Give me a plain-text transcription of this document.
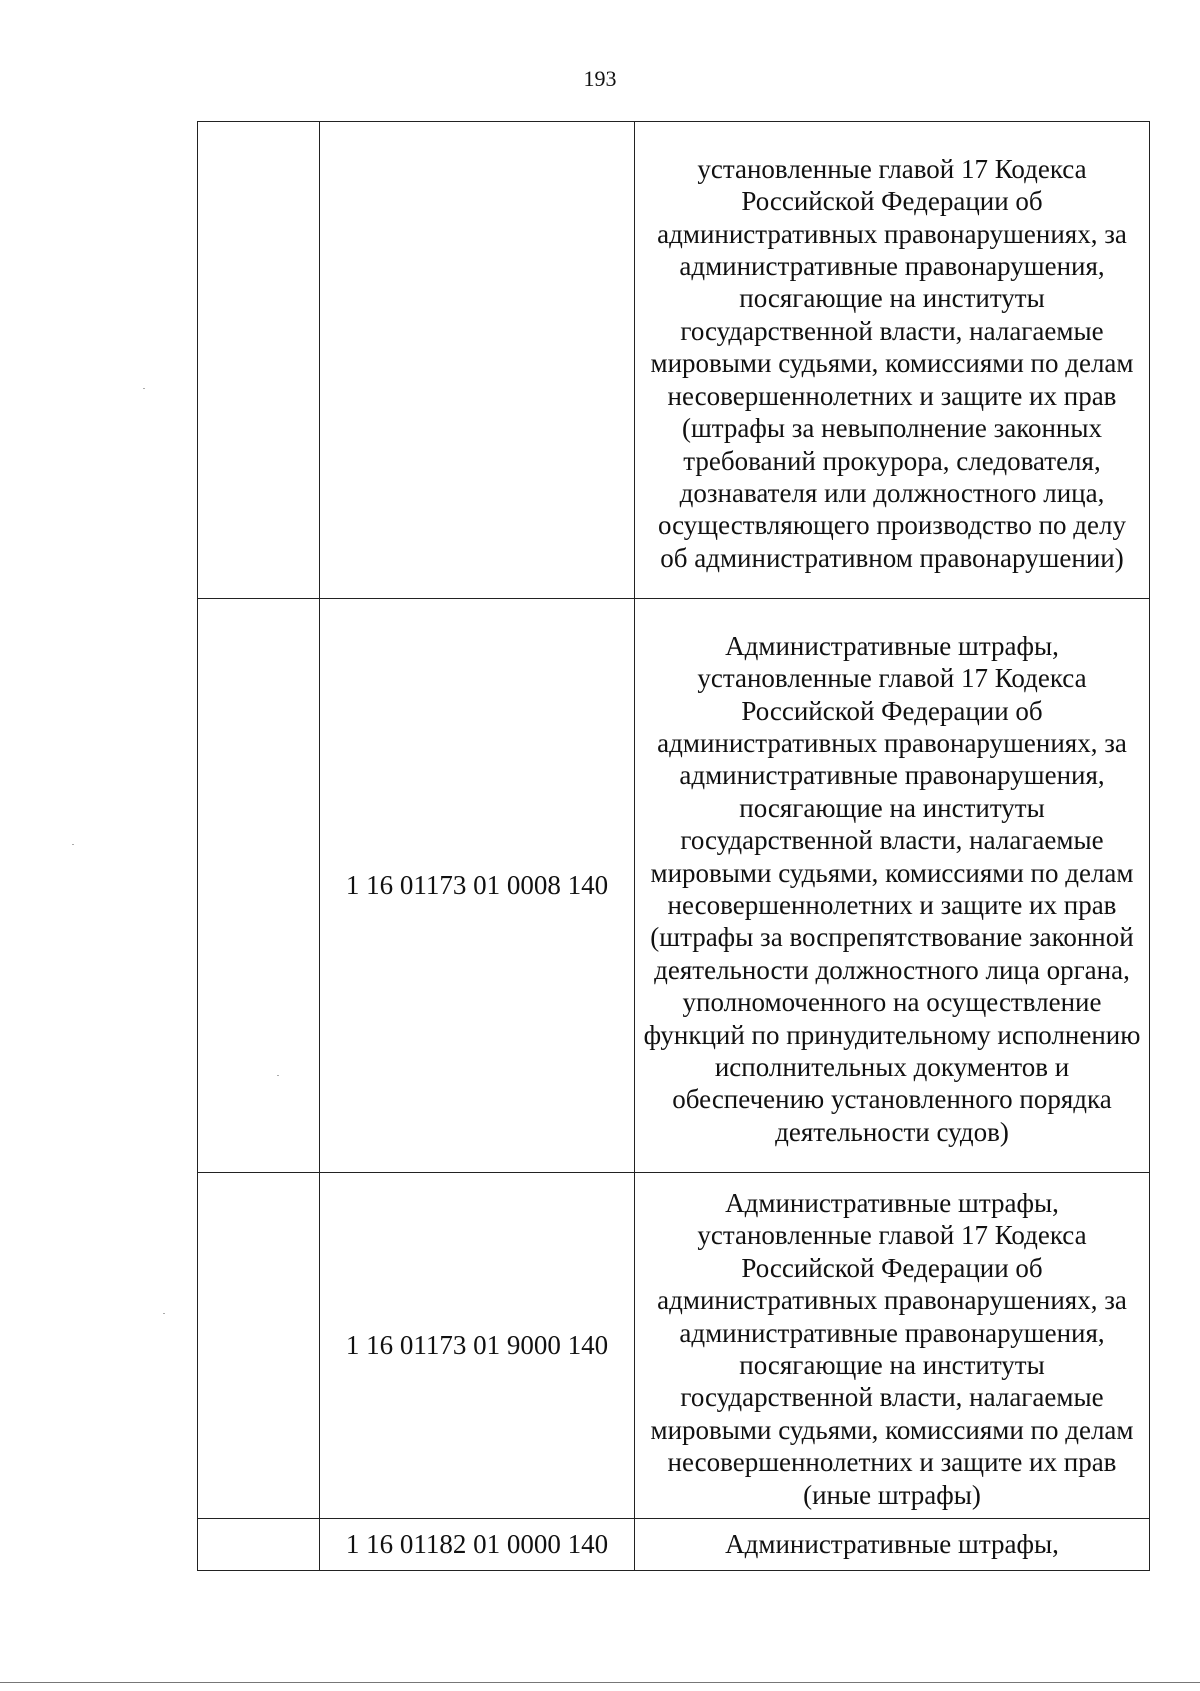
193

		установленные главой 17 Кодекса Российской Федерации об административных правонарушениях, за административные правонарушения, посягающие на институты государственной власти, налагаемые мировыми судьями, комиссиями по делам несовершеннолетних и защите их прав (штрафы за невыполнение законных требований прокурора, следователя, дознавателя или должностного лица, осуществляющего производство по делу об административном правонарушении)

	1 16 01173 01 0008 140	Административные штрафы, установленные главой 17 Кодекса Российской Федерации об административных правонарушениях, за административные правонарушения, посягающие на институты государственной власти, налагаемые мировыми судьями, комиссиями по делам несовершеннолетних и защите их прав (штрафы за воспрепятствование законной деятельности должностного лица органа, уполномоченного на осуществление функций по принудительному исполнению исполнительных документов и обеспечению установленного порядка деятельности судов)

	1 16 01173 01 9000 140	Административные штрафы, установленные главой 17 Кодекса Российской Федерации об административных правонарушениях, за административные правонарушения, посягающие на институты государственной власти, налагаемые мировыми судьями, комиссиями по делам несовершеннолетних и защите их прав (иные штрафы)

	1 16 01182 01 0000 140	Административные штрафы,
